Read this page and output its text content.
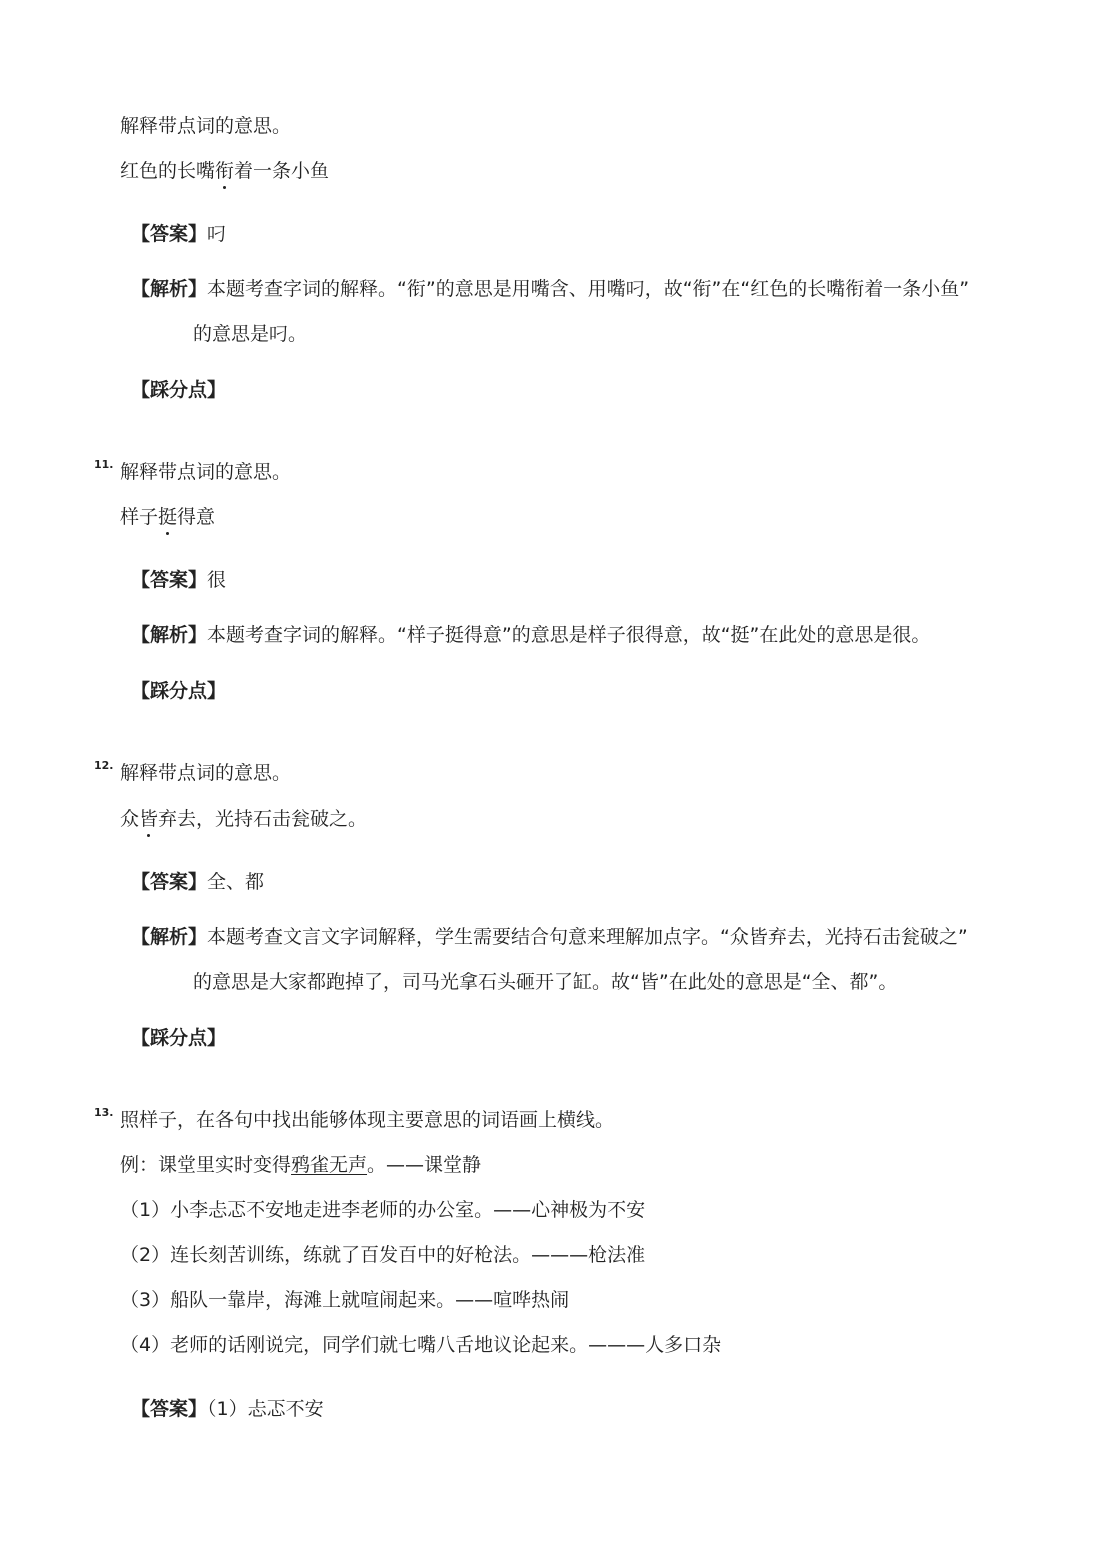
解释带点词的意思。
红色的长嘴衔着一条小鱼
【答案】叼
【解析】本题考查字词的解释。“衔”的意思是用嘴含、用嘴叼，故“衔”在“红色的长嘴衔着一条小鱼”
的意思是叼。
【踩分点】
11. 解释带点词的意思。
样子挺得意
【答案】很
【解析】本题考查字词的解释。“样子挺得意”的意思是样子很得意，故“挺”在此处的意思是很。
【踩分点】
12. 解释带点词的意思。
众皆弃去，光持石击瓮破之。
【答案】全、都
【解析】本题考查文言文字词解释，学生需要结合句意来理解加点字。“众皆弃去，光持石击瓮破之”
的意思是大家都跑掉了，司马光拿石头砸开了缸。故“皆”在此处的意思是“全、都”。
【踩分点】
13. 照样子，在各句中找出能够体现主要意思的词语画上横线。
例：课堂里实时变得鸦雀无声。——课堂静
（1）小李忐忑不安地走进李老师的办公室。——心神极为不安
（2）连长刻苦训练，练就了百发百中的好枪法。———枪法准
（3）船队一靠岸，海滩上就喧闹起来。——喧哗热闹
（4）老师的话刚说完，同学们就七嘴八舌地议论起来。———人多口杂
【答案】（1）忐忑不安
